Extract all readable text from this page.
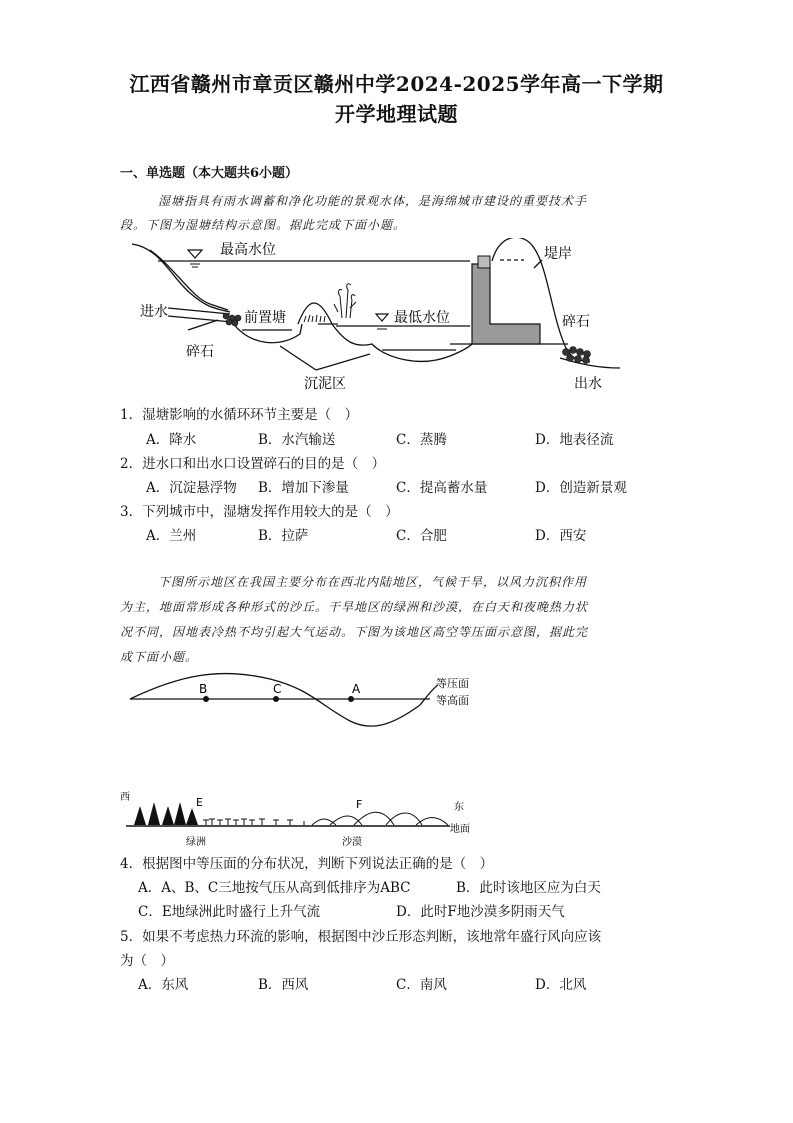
江西省赣州市章贡区赣州中学2024-2025学年高一下学期
开学地理试题
一、单选题（本大题共6小题）
湿塘指具有雨水调蓄和净化功能的景观水体，是海绵城市建设的重要技术手
段。下图为湿塘结构示意图。据此完成下面小题。
最高水位
最低水位
进水
碎石
前置塘
沉泥区
堤岸
碎石
出水
1．湿塘影响的水循环环节主要是（　）
A．降水	B．水汽输送	C．蒸腾	D．地表径流
2．进水口和出水口设置碎石的目的是（　）
A．沉淀悬浮物 B．增加下渗量	C．提高蓄水量	D．创造新景观
3．下列城市中，湿塘发挥作用较大的是（　）
A．兰州	B．拉萨	C．合肥	D．西安
下图所示地区在我国主要分布在西北内陆地区，气候干旱，以风力沉积作用
为主，地面常形成各种形式的沙丘。干旱地区的绿洲和沙漠，在白天和夜晚热力状
况不同，因地表冷热不均引起大气运动。下图为该地区高空等压面示意图，据此完
成下面小题。
B	C	A	等压面
等高面
西	E	F	东
地面
绿洲	沙漠
4．根据图中等压面的分布状况，判断下列说法正确的是（　）
A．A、B、C三地按气压从高到低排序为ABC	B．此时该地区应为白天
C．E地绿洲此时盛行上升气流	D．此时F地沙漠多阴雨天气
5．如果不考虑热力环流的影响，根据图中沙丘形态判断，该地常年盛行风向应该
为（　）
A．东风	B．西风	C．南风	D．北风
